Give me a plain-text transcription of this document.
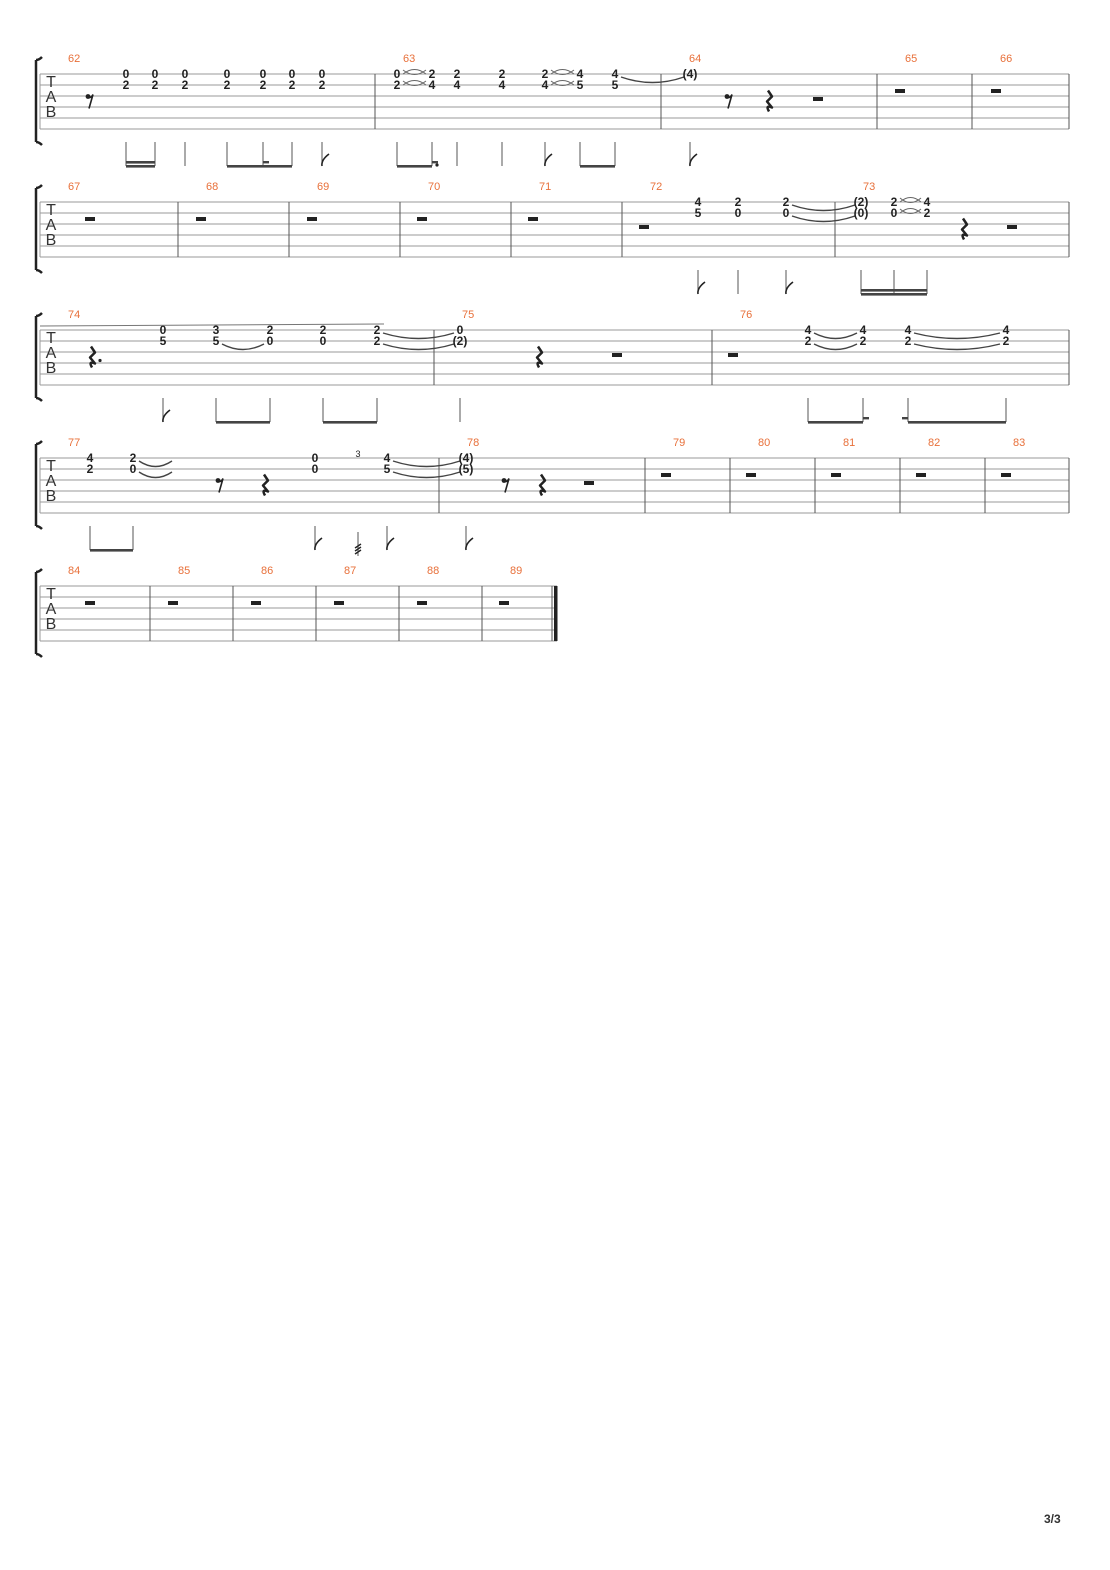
T
A
B
62
0
2
0
2
0
2
0
2
0
2
0
2
0
2
63
0
2
2
4
2
4
2
4
2
4
4
5
4
5
64
(4)
65	66
T
A
B
67	68	69	70	71	72
4
5
2
0
2
0
73
(2)
(0)
2
0
4
2
T
A
B
74
0
5
3
5
2
0
2
0
2
2
75
0
(2)
76
4
2
4
2
4
2
4
2
T
A
B
77
4
2
2
0
0
0
3 4
5
78
(4)
(5)
79	80	81	82	83
T
A
B
84	85	86	87	88	89
3/3
